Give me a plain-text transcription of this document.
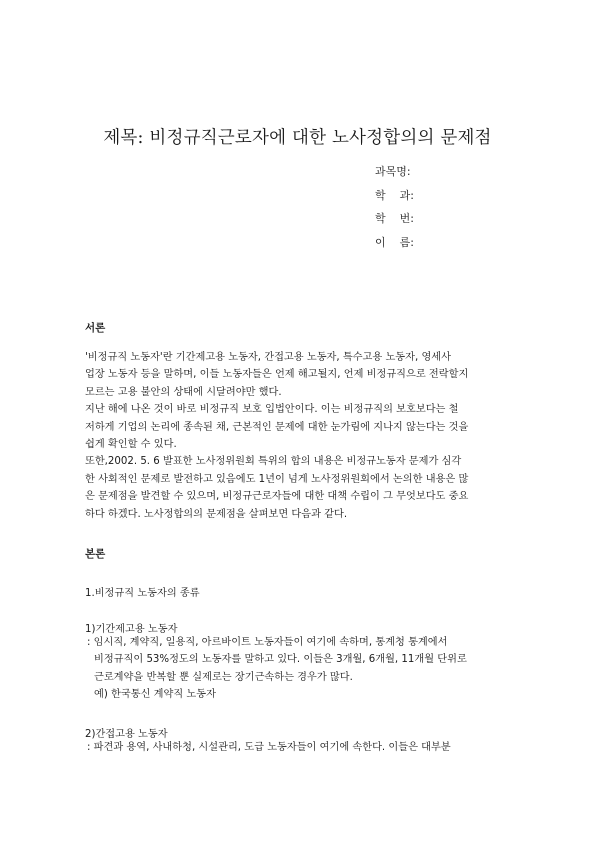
제목: 비정규직근로자에 대한 노사정합의의 문제점
과목명:
학    과:
학    번:
이    름:
서론
'비정규직 노동자'란 기간제고용 노동자, 간접고용 노동자, 특수고용 노동자, 영세사
업장 노동자 등을 말하며, 이들 노동자들은 언제 해고될지, 언제 비정규직으로 전락할지
모르는 고용 불안의 상태에 시달려야만 했다.
지난 해에 나온 것이 바로 비정규직 보호 입법안이다. 이는 비정규직의 보호보다는 철
저하게 기업의 논리에 종속된 채, 근본적인 문제에 대한 눈가림에 지나지 않는다는 것을
쉽게 확인할 수 있다.
또한,2002. 5. 6 발표한 노사정위원회 특위의 합의 내용은 비정규노동자 문제가 심각
한 사회적인 문제로 발전하고 있음에도 1년이 넘게 노사정위원회에서 논의한 내용은 많
은 문제점을 발견할 수 있으며, 비정규근로자들에 대한 대책 수립이 그 무엇보다도 중요
하다 하겠다. 노사정합의의 문제점을 살펴보면 다음과 같다.
본론
1.비정규직 노동자의 종류
1)기간제고용 노동자
: 임시직, 계약직, 일용직, 아르바이트 노동자들이 여기에 속하며, 통계청 통계에서
비정규직이 53%정도의 노동자를 말하고 있다. 이들은 3개월, 6개월, 11개월 단위로
근로계약을 반복할 뿐 실제로는 장기근속하는 경우가 많다.
예) 한국통신 계약직 노동자
2)간접고용 노동자
: 파견과 용역, 사내하청, 시설관리, 도급 노동자들이 여기에 속한다. 이들은 대부분
